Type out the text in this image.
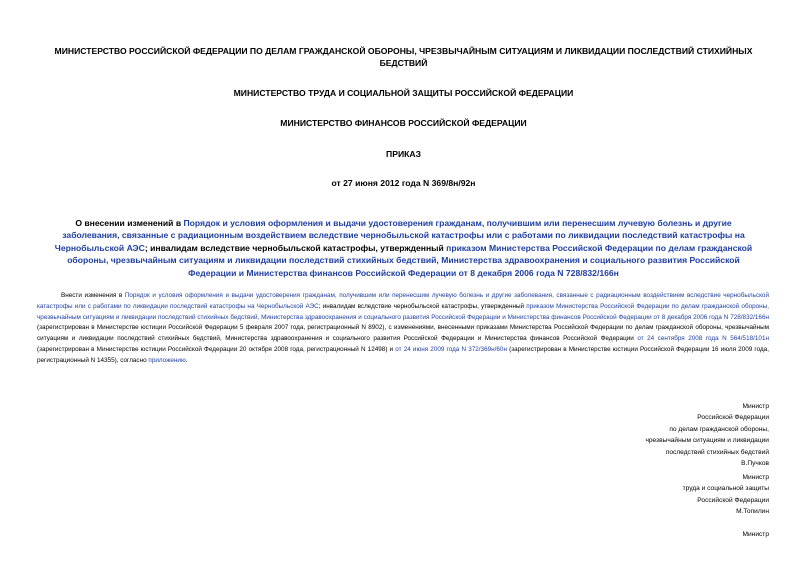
МИНИСТЕРСТВО РОССИЙСКОЙ ФЕДЕРАЦИИ ПО ДЕЛАМ ГРАЖДАНСКОЙ ОБОРОНЫ, ЧРЕЗВЫЧАЙНЫМ СИТУАЦИЯМ И ЛИКВИДАЦИИ ПОСЛЕДСТВИЙ СТИХИЙНЫХ БЕДСТВИЙ
МИНИСТЕРСТВО ТРУДА И СОЦИАЛЬНОЙ ЗАЩИТЫ РОССИЙСКОЙ ФЕДЕРАЦИИ
МИНИСТЕРСТВО ФИНАНСОВ РОССИЙСКОЙ ФЕДЕРАЦИИ
ПРИКАЗ
от 27 июня 2012 года N 369/8н/92н
О внесении изменений в Порядок и условия оформления и выдачи удостоверения гражданам, получившим или перенесшим лучевую болезнь и другие заболевания, связанные с радиационным воздействием вследствие чернобыльской катастрофы или с работами по ликвидации последствий катастрофы на Чернобыльской АЭС; инвалидам вследствие чернобыльской катастрофы, утвержденный приказом Министерства Российской Федерации по делам гражданской обороны, чрезвычайным ситуациям и ликвидации последствий стихийных бедствий, Министерства здравоохранения и социального развития Российской Федерации и Министерства финансов Российской Федерации от 8 декабря 2006 года N 728/832/166н
Внести изменения в Порядок и условия оформления и выдачи удостоверения гражданам, получившим или перенесшим лучевую болезнь и другие заболевания, связанные с радиационным воздействием вследствие чернобыльской катастрофы или с работами по ликвидации последствий катастрофы на Чернобыльской АЭС; инвалидам вследствие чернобыльской катастрофы, утвержденный приказом Министерства Российской Федерации по делам гражданской обороны, чрезвычайным ситуациям и ликвидации последствий стихийных бедствий, Министерства здравоохранения и социального развития Российской Федерации и Министерства финансов Российской Федерации от 8 декабря 2006 года N 728/832/166н (зарегистрирован в Министерстве юстиции Российской Федерации 5 февраля 2007 года, регистрационный N 8902), с изменениями, внесенными приказами Министерства Российской Федерации по делам гражданской обороны, чрезвычайным ситуациям и ликвидации последствий стихийных бедствий, Министерства здравоохранения и социального развития Российской Федерации и Министерства финансов Российской Федерации от 24 сентября 2008 года N 564/518/101н (зарегистрирован в Министерстве юстиции Российской Федерации 20 октября 2008 года, регистрационный N 12498) и от 24 июня 2009 года N 372/369н/60н (зарегистрирован в Министерстве юстиции Российской Федерации 16 июля 2009 года, регистрационный N 14355), согласно приложению.
Министр
Российской Федерации
по делам гражданской обороны,
чрезвычайным ситуациям и ликвидации
последствий стихийных бедствий
В.Пучков
Министр
труда и социальной защиты
Российской Федерации
М.Топилин
Министр
